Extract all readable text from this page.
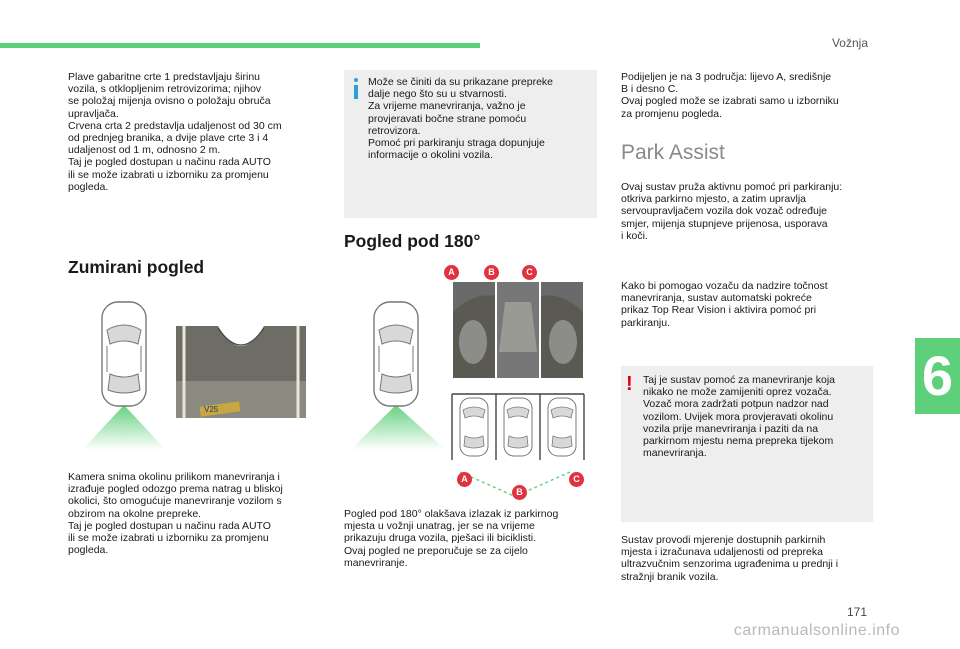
Vožnja
6
171
carmanualsonline.info

Plave gabaritne crte 1 predstavljaju širinu
vozila, s otklopljenim retrovizorima; njihov
se položaj mijenja ovisno o položaju obruča
upravljača.
Crvena crta 2 predstavlja udaljenost od 30 cm
od prednjeg branika, a dvije plave crte 3 i 4
udaljenost od 1 m, odnosno 2 m.
Taj je pogled dostupan u načinu rada AUTO
ili se može izabrati u izborniku za promjenu
pogleda.

Zumirani pogled
V25

Kamera snima okolinu prilikom manevriranja i
izrađuje pogled odozgo prema natrag u bliskoj
okolici, što omogućuje manevriranje vozilom s
obzirom na okolne prepreke.
Taj je pogled dostupan u načinu rada AUTO
ili se može izabrati u izborniku za promjenu
pogleda.

Može se činiti da su prikazane prepreke
dalje nego što su u stvarnosti.
Za vrijeme manevriranja, važno je
provjeravati bočne strane pomoću
retrovizora.
Pomoć pri parkiranju straga dopunjuje
informacije o okolini vozila.

Pogled pod 180°
A	B	C
A
B
C

Pogled pod 180° olakšava izlazak iz parkirnog
mjesta u vožnji unatrag, jer se na vrijeme
prikazuju druga vozila, pješaci ili biciklisti.
Ovaj pogled ne preporučuje se za cijelo
manevriranje.

Podijeljen je na 3 područja: lijevo A, središnje
B i desno C.
Ovaj pogled može se izabrati samo u izborniku
za promjenu pogleda.

Park Assist

Ovaj sustav pruža aktivnu pomoć pri parkiranju:
otkriva parkirno mjesto, a zatim upravlja
servoupravljačem vozila dok vozač određuje
smjer, mijenja stupnjeve prijenosa, usporava
i koči.

Kako bi pomogao vozaču da nadzire točnost
manevriranja, sustav automatski pokreće
prikaz Top Rear Vision i aktivira pomoć pri
parkiranju.

! Taj je sustav pomoć za manevriranje koja
nikako ne može zamijeniti oprez vozača.
Vozač mora zadržati potpun nadzor nad
vozilom. Uvijek mora provjeravati okolinu
vozila prije manevriranja i paziti da na
parkirnom mjestu nema prepreka tijekom
manevriranja.

Sustav provodi mjerenje dostupnih parkirnih
mjesta i izračunava udaljenosti od prepreka
ultrazvučnim senzorima ugrađenima u prednji i
stražnji branik vozila.
